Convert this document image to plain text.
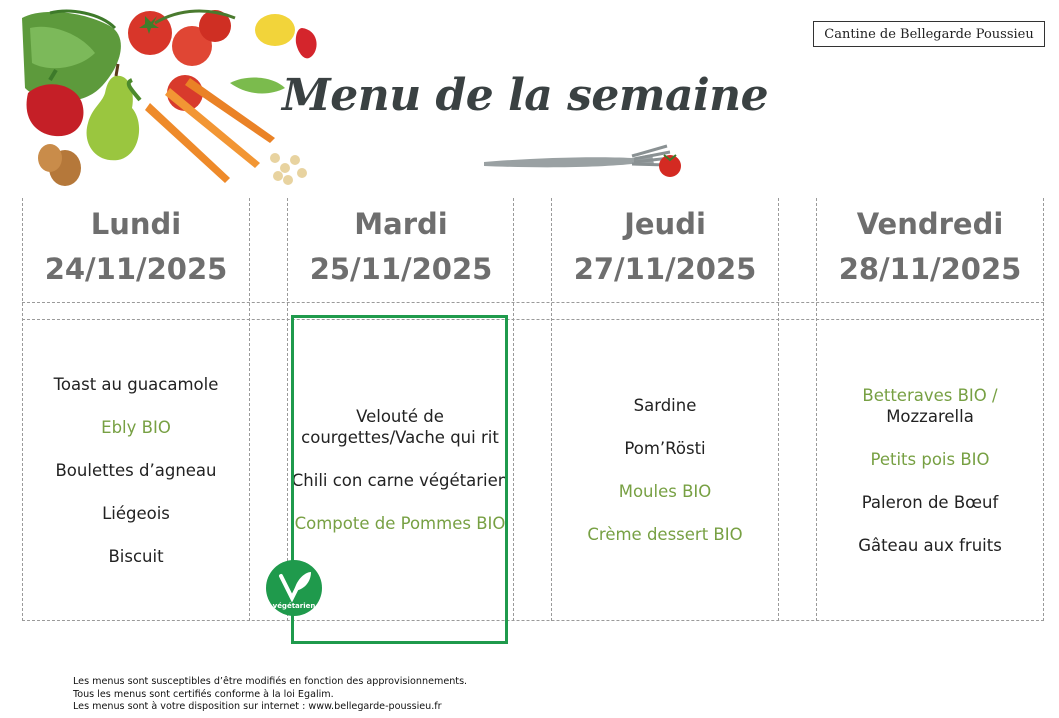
Menu de la semaine
Cantine de Bellegarde Poussieu
Lundi
24/11/2025
Mardi
25/11/2025
Jeudi
27/11/2025
Vendredi
28/11/2025
Toast au guacamole
Ebly BIO
Boulettes d’agneau
Liégeois
Biscuit
Velouté de courgettes/Vache qui rit
Chili con carne végétarien
Compote de Pommes BIO
Sardine
Pom’Rösti
Moules BIO
Crème dessert BIO
Betteraves BIO /
Mozzarella
Petits pois BIO
Paleron de Bœuf
Gâteau aux fruits
végétarien
Les menus sont susceptibles d’être modifiés en fonction des approvisionnements.
Tous les menus sont certifiés conforme à la loi Egalim.
Les menus sont à votre disposition sur internet : www.bellegarde-poussieu.fr
